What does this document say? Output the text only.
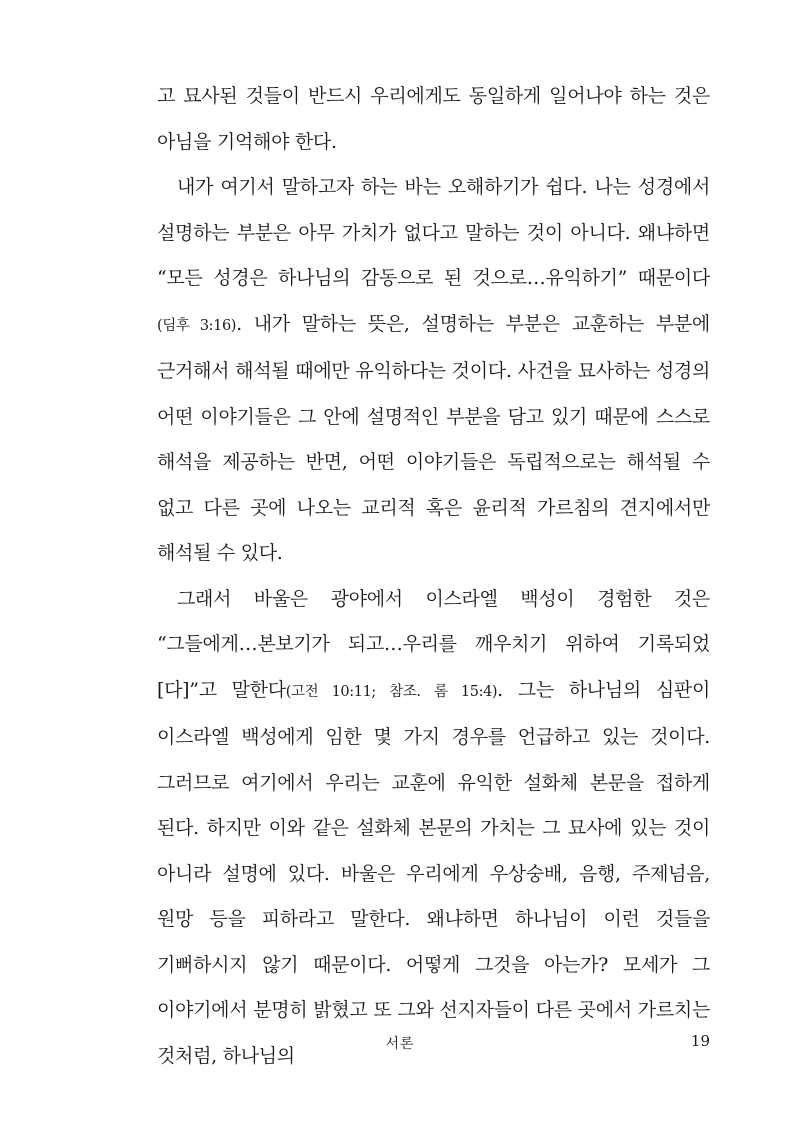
고 묘사된 것들이 반드시 우리에게도 동일하게 일어나야 하는 것은 아님을 기억해야 한다.

내가 여기서 말하고자 하는 바는 오해하기가 쉽다. 나는 성경에서 설명하는 부분은 아무 가치가 없다고 말하는 것이 아니다. 왜냐하면 “모든 성경은 하나님의 감동으로 된 것으로…유익하기” 때문이다(딤후 3:16). 내가 말하는 뜻은, 설명하는 부분은 교훈하는 부분에 근거해서 해석될 때에만 유익하다는 것이다. 사건을 묘사하는 성경의 어떤 이야기들은 그 안에 설명적인 부분을 담고 있기 때문에 스스로 해석을 제공하는 반면, 어떤 이야기들은 독립적으로는 해석될 수 없고 다른 곳에 나오는 교리적 혹은 윤리적 가르침의 견지에서만 해석될 수 있다.

그래서 바울은 광야에서 이스라엘 백성이 경험한 것은 “그들에게…본보기가 되고…우리를 깨우치기 위하여 기록되었[다]”고 말한다(고전 10:11; 참조. 롬 15:4). 그는 하나님의 심판이 이스라엘 백성에게 임한 몇 가지 경우를 언급하고 있는 것이다. 그러므로 여기에서 우리는 교훈에 유익한 설화체 본문을 접하게 된다. 하지만 이와 같은 설화체 본문의 가치는 그 묘사에 있는 것이 아니라 설명에 있다. 바울은 우리에게 우상숭배, 음행, 주제넘음, 원망 등을 피하라고 말한다. 왜냐하면 하나님이 이런 것들을 기뻐하시지 않기 때문이다. 어떻게 그것을 아는가? 모세가 그 이야기에서 분명히 밝혔고 또 그와 선지자들이 다른 곳에서 가르치는 것처럼, 하나님의

서론	19
